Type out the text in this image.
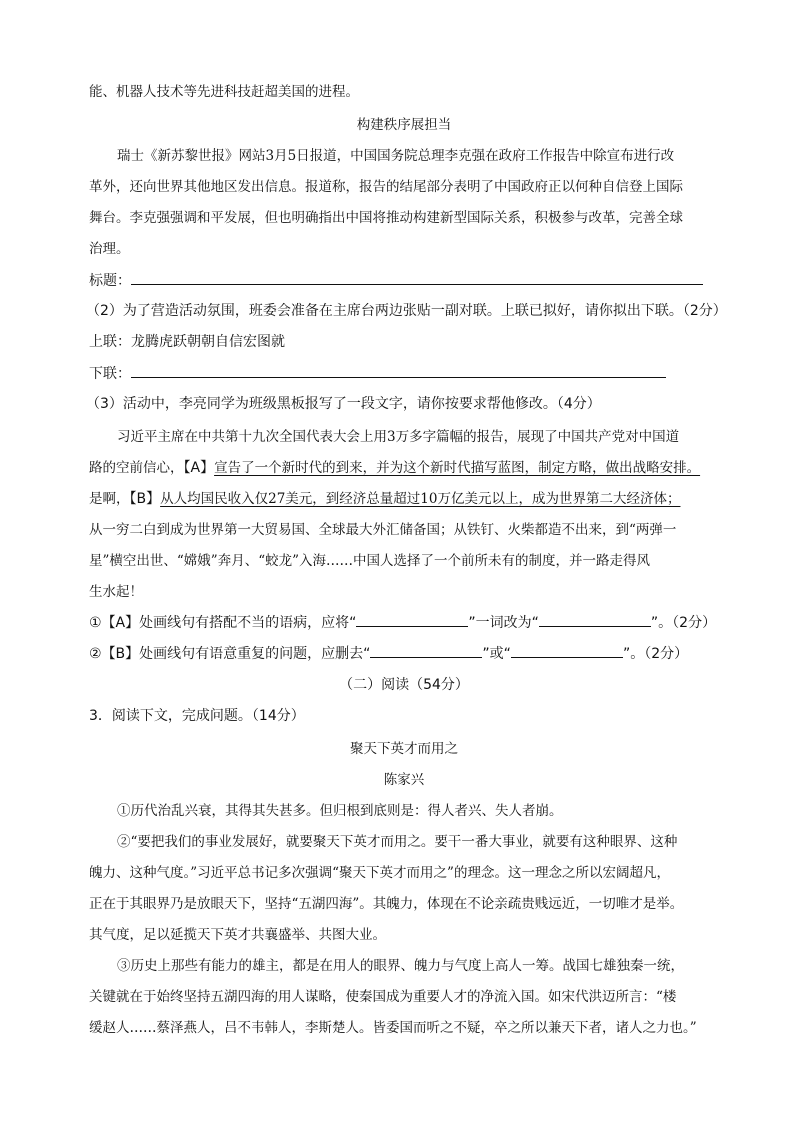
能、机器人技术等先进科技赶超美国的进程。
构建秩序展担当
瑞士《新苏黎世报》网站3月5日报道，中国国务院总理李克强在政府工作报告中除宣布进行改
革外，还向世界其他地区发出信息。报道称，报告的结尾部分表明了中国政府正以何种自信登上国际
舞台。李克强强调和平发展，但也明确指出中国将推动构建新型国际关系，积极参与改革，完善全球
治理。
标题：
（2）为了营造活动氛围，班委会准备在主席台两边张贴一副对联。上联已拟好，请你拟出下联。（2分）
上联：龙腾虎跃朝朝自信宏图就
下联：
（3）活动中，李亮同学为班级黑板报写了一段文字，请你按要求帮他修改。（4分）
习近平主席在中共第十九次全国代表大会上用3万多字篇幅的报告，展现了中国共产党对中国道
路的空前信心，【A】宣告了一个新时代的到来，并为这个新时代描写蓝图，制定方略，做出战略安排。
是啊，【B】从人均国民收入仅27美元，到经济总量超过10万亿美元以上，成为世界第二大经济体；
从一穷二白到成为世界第一大贸易国、全球最大外汇储备国；从铁钉、火柴都造不出来，到“两弹一
星”横空出世、“嫦娥”奔月、“蛟龙”入海……中国人选择了一个前所未有的制度，并一路走得风
生水起！
①【A】处画线句有搭配不当的语病，应将“	”一词改为“	”。（2分）
②【B】处画线句有语意重复的问题，应删去“	”或“	”。（2分）
（二）阅读（54分）
3．阅读下文，完成问题。（14分）
聚天下英才而用之
陈家兴
①历代治乱兴衰，其得其失甚多。但归根到底则是：得人者兴、失人者崩。
②“要把我们的事业发展好，就要聚天下英才而用之。要干一番大事业，就要有这种眼界、这种
魄力、这种气度。”习近平总书记多次强调“聚天下英才而用之”的理念。这一理念之所以宏阔超凡，
正在于其眼界乃是放眼天下，坚持“五湖四海”。其魄力，体现在不论亲疏贵贱远近，一切唯才是举。
其气度，足以延揽天下英才共襄盛举、共图大业。
③历史上那些有能力的雄主，都是在用人的眼界、魄力与气度上高人一筹。战国七雄独秦一统，
关键就在于始终坚持五湖四海的用人谋略，使秦国成为重要人才的净流入国。如宋代洪迈所言：“楼
缓赵人……蔡泽燕人，吕不韦韩人，李斯楚人。皆委国而听之不疑，卒之所以兼天下者，诸人之力也。”
